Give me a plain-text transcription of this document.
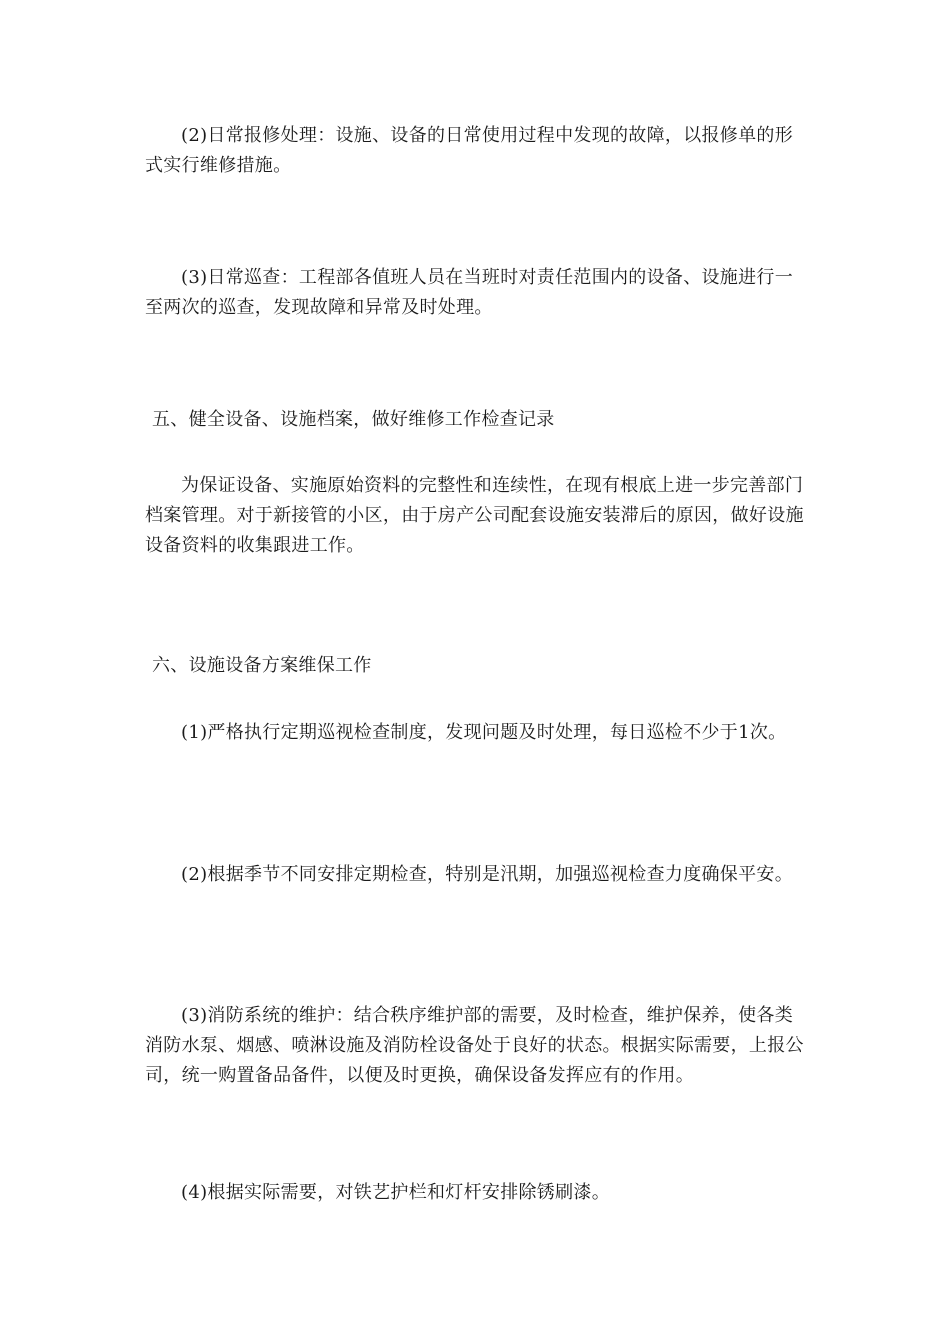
(2)日常报修处理：设施、设备的日常使用过程中发现的故障，以报修单的形式实行维修措施。

(3)日常巡查：工程部各值班人员在当班时对责任范围内的设备、设施进行一至两次的巡查，发现故障和异常及时处理。

五、健全设备、设施档案，做好维修工作检查记录

为保证设备、实施原始资料的完整性和连续性，在现有根底上进一步完善部门档案管理。对于新接管的小区，由于房产公司配套设施安装滞后的原因，做好设施设备资料的收集跟进工作。

六、设施设备方案维保工作

(1)严格执行定期巡视检查制度，发现问题及时处理，每日巡检不少于1次。

(2)根据季节不同安排定期检查，特别是汛期，加强巡视检查力度确保平安。

(3)消防系统的维护：结合秩序维护部的需要，及时检查，维护保养，使各类消防水泵、烟感、喷淋设施及消防栓设备处于良好的状态。根据实际需要，上报公司，统一购置备品备件，以便及时更换，确保设备发挥应有的作用。

(4)根据实际需要，对铁艺护栏和灯杆安排除锈刷漆。
